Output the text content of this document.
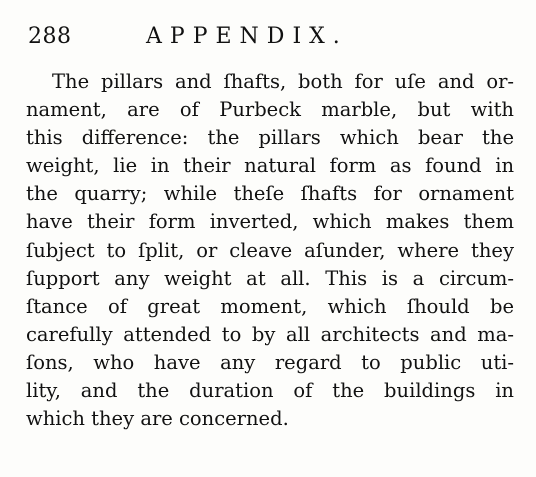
288	APPENDIX.
The pillars and ſhafts, both for uſe and or-
nament, are of Purbeck marble, but with
this difference: the pillars which bear the
weight, lie in their natural form as found in
the quarry; while theſe ſhafts for ornament
have their form inverted, which makes them
ſubject to ſplit, or cleave aſunder, where they
ſupport any weight at all. This is a circum-
ſtance of great moment, which ſhould be
carefully attended to by all architects and ma-
ſons, who have any regard to public uti-
lity, and the duration of the buildings in
which they are concerned.
